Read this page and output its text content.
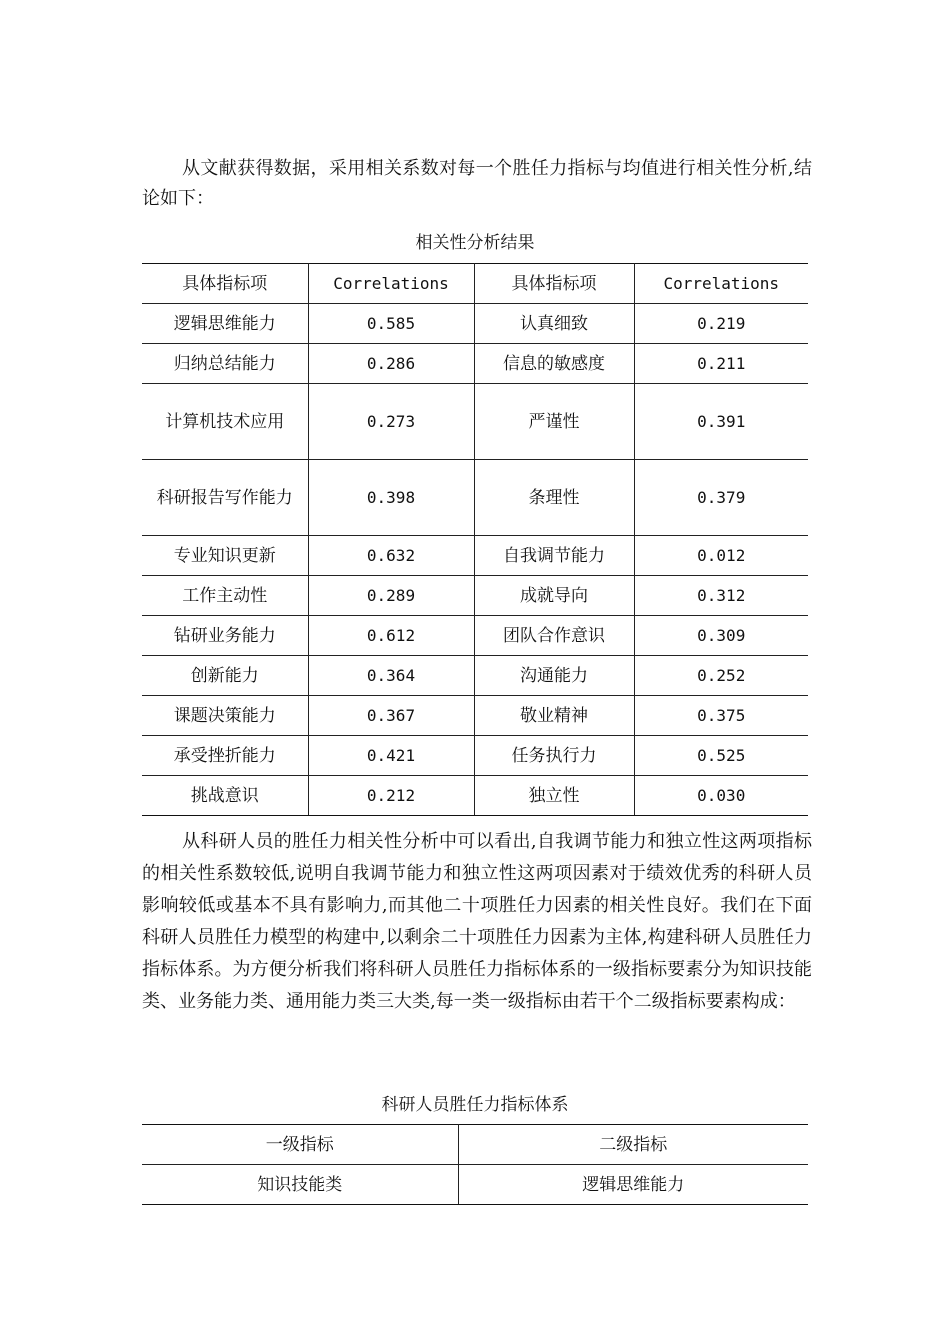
从文献获得数据，采用相关系数对每一个胜任力指标与均值进行相关性分析,结论如下：

相关性分析结果
具体指标项	Correlations	具体指标项	Correlations
逻辑思维能力	0.585	认真细致	0.219
归纳总结能力	0.286	信息的敏感度	0.211
计算机技术应用	0.273	严谨性	0.391
科研报告写作能力	0.398	条理性	0.379
专业知识更新	0.632	自我调节能力	0.012
工作主动性	0.289	成就导向	0.312
钻研业务能力	0.612	团队合作意识	0.309
创新能力	0.364	沟通能力	0.252
课题决策能力	0.367	敬业精神	0.375
承受挫折能力	0.421	任务执行力	0.525
挑战意识	0.212	独立性	0.030

从科研人员的胜任力相关性分析中可以看出,自我调节能力和独立性这两项指标的相关性系数较低,说明自我调节能力和独立性这两项因素对于绩效优秀的科研人员影响较低或基本不具有影响力,而其他二十项胜任力因素的相关性良好。我们在下面科研人员胜任力模型的构建中,以剩余二十项胜任力因素为主体,构建科研人员胜任力指标体系。为方便分析我们将科研人员胜任力指标体系的一级指标要素分为知识技能类、业务能力类、通用能力类三大类,每一类一级指标由若干个二级指标要素构成：

科研人员胜任力指标体系
一级指标	二级指标
知识技能类	逻辑思维能力
